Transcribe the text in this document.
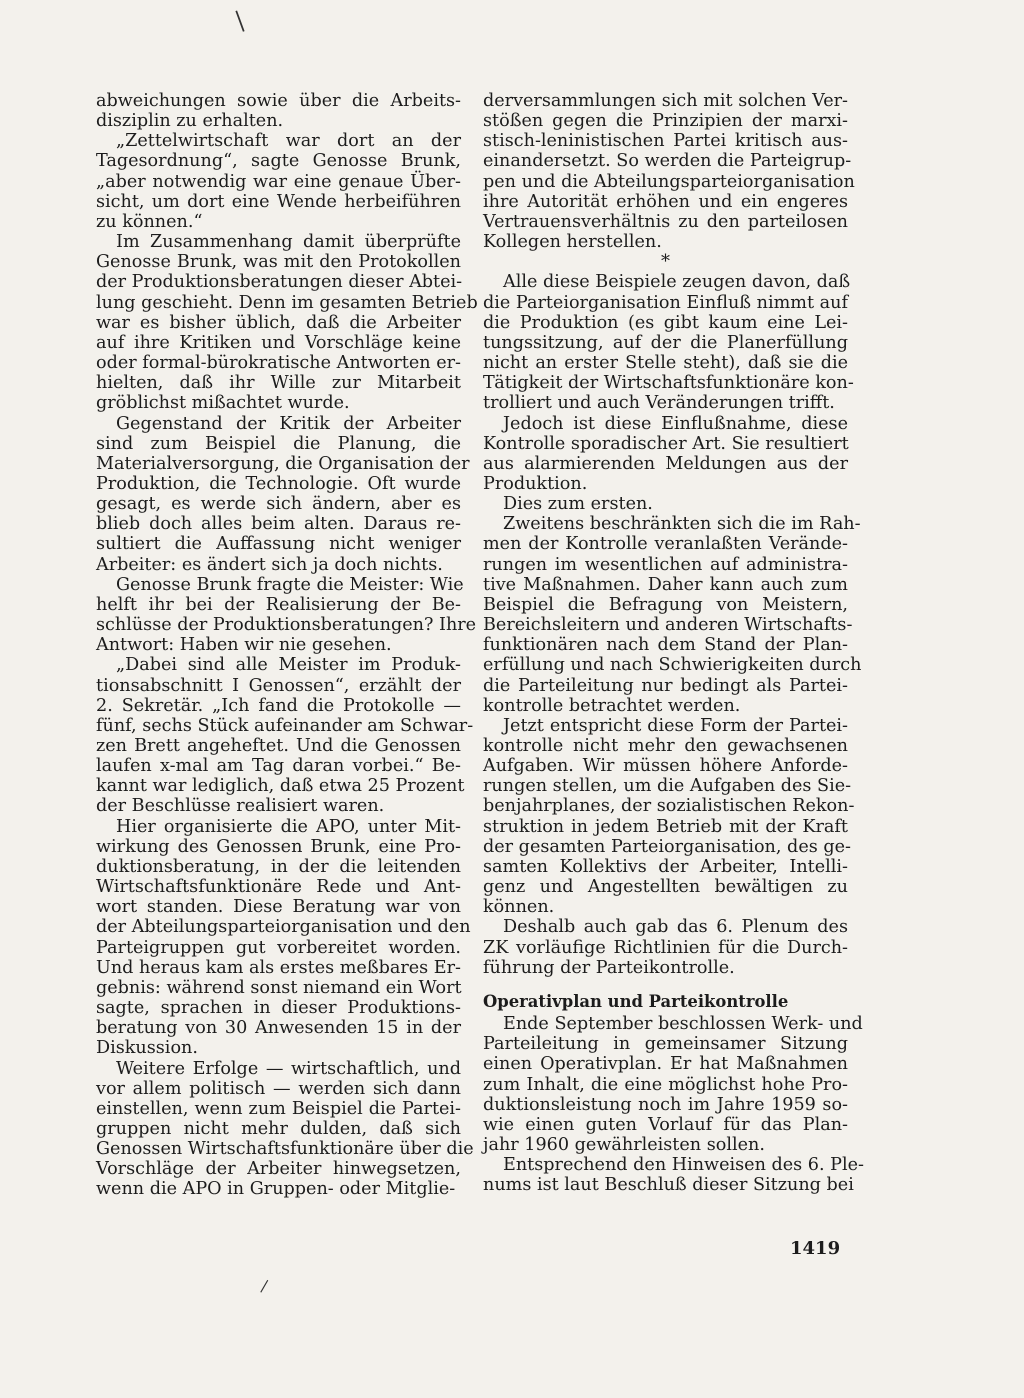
abweichungen sowie über die Arbeits-
disziplin zu erhalten.
„Zettelwirtschaft war dort an der
Tagesordnung“, sagte Genosse Brunk,
„aber notwendig war eine genaue Über-
sicht, um dort eine Wende herbeiführen
zu können.“
Im Zusammenhang damit überprüfte
Genosse Brunk, was mit den Protokollen
der Produktionsberatungen dieser Abtei-
lung geschieht. Denn im gesamten Betrieb
war es bisher üblich, daß die Arbeiter
auf ihre Kritiken und Vorschläge keine
oder formal-bürokratische Antworten er-
hielten, daß ihr Wille zur Mitarbeit
gröblichst mißachtet wurde.
Gegenstand der Kritik der Arbeiter
sind zum Beispiel die Planung, die
Materialversorgung, die Organisation der
Produktion, die Technologie. Oft wurde
gesagt, es werde sich ändern, aber es
blieb doch alles beim alten. Daraus re-
sultiert die Auffassung nicht weniger
Arbeiter: es ändert sich ja doch nichts.
Genosse Brunk fragte die Meister: Wie
helft ihr bei der Realisierung der Be-
schlüsse der Produktionsberatungen? Ihre
Antwort: Haben wir nie gesehen.
„Dabei sind alle Meister im Produk-
tionsabschnitt I Genossen“, erzählt der
2. Sekretär. „Ich fand die Protokolle —
fünf, sechs Stück aufeinander am Schwar-
zen Brett angeheftet. Und die Genossen
laufen x-mal am Tag daran vorbei.“ Be-
kannt war lediglich, daß etwa 25 Prozent
der Beschlüsse realisiert waren.
Hier organisierte die APO, unter Mit-
wirkung des Genossen Brunk, eine Pro-
duktionsberatung, in der die leitenden
Wirtschaftsfunktionäre Rede und Ant-
wort standen. Diese Beratung war von
der Abteilungsparteiorganisation und den
Parteigruppen gut vorbereitet worden.
Und heraus kam als erstes meßbares Er-
gebnis: während sonst niemand ein Wort
sagte, sprachen in dieser Produktions-
beratung von 30 Anwesenden 15 in der
Diskussion.
Weitere Erfolge — wirtschaftlich, und
vor allem politisch — werden sich dann
einstellen, wenn zum Beispiel die Partei-
gruppen nicht mehr dulden, daß sich
Genossen Wirtschaftsfunktionäre über die
Vorschläge der Arbeiter hinwegsetzen,
wenn die APO in Gruppen- oder Mitglie-
derversammlungen sich mit solchen Ver-
stößen gegen die Prinzipien der marxi-
stisch-leninistischen Partei kritisch aus-
einandersetzt. So werden die Parteigrup-
pen und die Abteilungsparteiorganisation
ihre Autorität erhöhen und ein engeres
Vertrauensverhältnis zu den parteilosen
Kollegen herstellen.
*
Alle diese Beispiele zeugen davon, daß
die Parteiorganisation Einfluß nimmt auf
die Produktion (es gibt kaum eine Lei-
tungssitzung, auf der die Planerfüllung
nicht an erster Stelle steht), daß sie die
Tätigkeit der Wirtschaftsfunktionäre kon-
trolliert und auch Veränderungen trifft.
Jedoch ist diese Einflußnahme, diese
Kontrolle sporadischer Art. Sie resultiert
aus alarmierenden Meldungen aus der
Produktion.
Dies zum ersten.
Zweitens beschränkten sich die im Rah-
men der Kontrolle veranlaßten Verände-
rungen im wesentlichen auf administra-
tive Maßnahmen. Daher kann auch zum
Beispiel die Befragung von Meistern,
Bereichsleitern und anderen Wirtschafts-
funktionären nach dem Stand der Plan-
erfüllung und nach Schwierigkeiten durch
die Parteileitung nur bedingt als Partei-
kontrolle betrachtet werden.
Jetzt entspricht diese Form der Partei-
kontrolle nicht mehr den gewachsenen
Aufgaben. Wir müssen höhere Anforde-
rungen stellen, um die Aufgaben des Sie-
benjahrplanes, der sozialistischen Rekon-
struktion in jedem Betrieb mit der Kraft
der gesamten Parteiorganisation, des ge-
samten Kollektivs der Arbeiter, Intelli-
genz und Angestellten bewältigen zu
können.
Deshalb auch gab das 6. Plenum des
ZK vorläufige Richtlinien für die Durch-
führung der Parteikontrolle.
Operativplan und Parteikontrolle
Ende September beschlossen Werk- und
Parteileitung in gemeinsamer Sitzung
einen Operativplan. Er hat Maßnahmen
zum Inhalt, die eine möglichst hohe Pro-
duktionsleistung noch im Jahre 1959 so-
wie einen guten Vorlauf für das Plan-
jahr 1960 gewährleisten sollen.
Entsprechend den Hinweisen des 6. Ple-
nums ist laut Beschluß dieser Sitzung bei
1419
|
|
